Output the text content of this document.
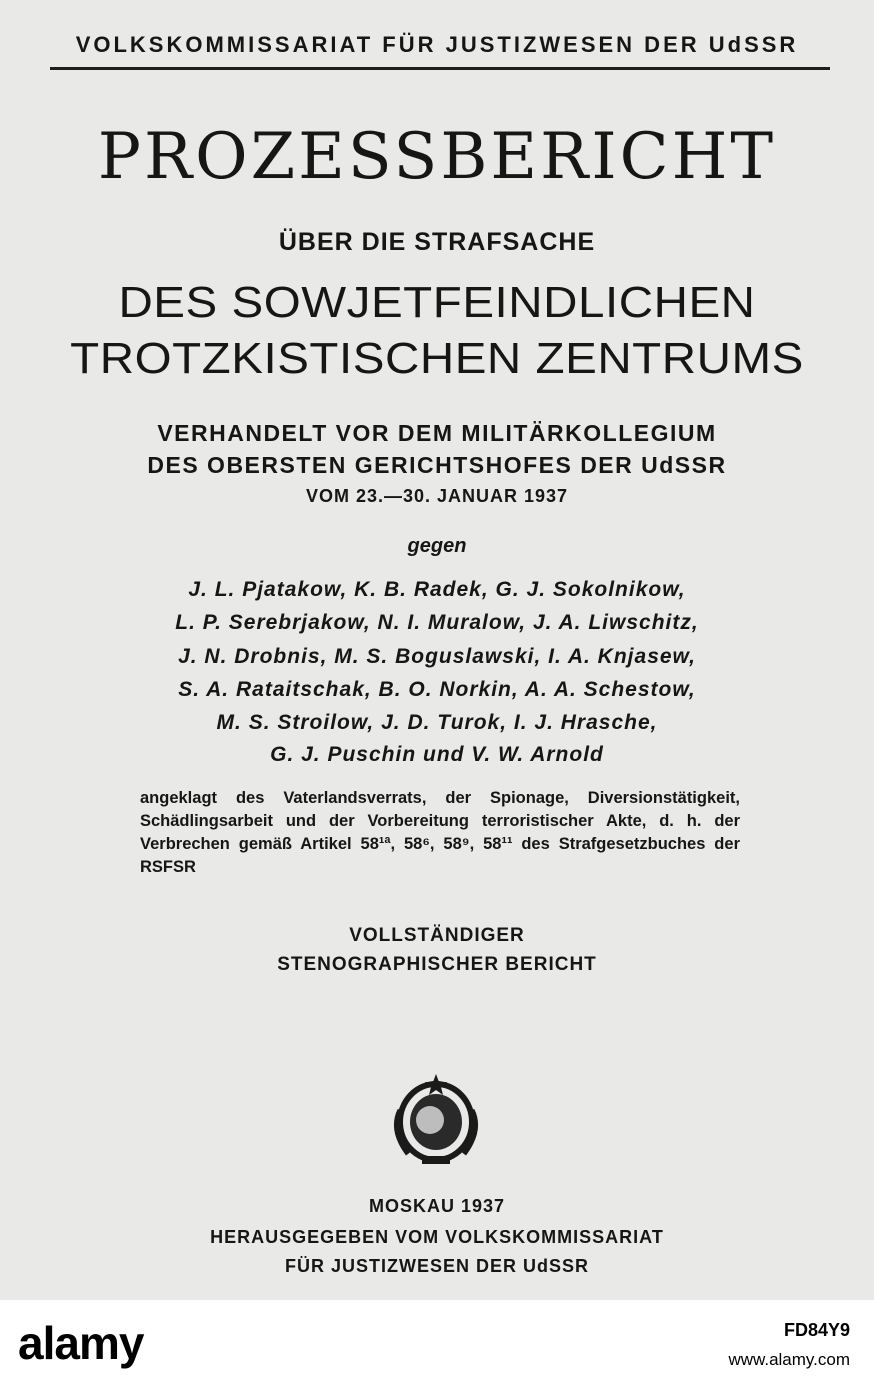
VOLKSKOMMISSARIAT FÜR JUSTIZWESEN DER UdSSR
PROZESSBERICHT
ÜBER DIE STRAFSACHE
DES SOWJETFEINDLICHEN
TROTZKISTISCHEN ZENTRUMS
VERHANDELT VOR DEM MILITÄRKOLLEGIUM
DES OBERSTEN GERICHTSHOFES DER UdSSR
VOM 23.—30. JANUAR 1937
gegen
J. L. Pjatakow, K. B. Radek, G. J. Sokolnikow,
L. P. Serebrjakow, N. I. Muralow, J. A. Liwschitz,
J. N. Drobnis, M. S. Boguslawski, I. A. Knjasew,
S. A. Rataitschak, B. O. Norkin, A. A. Schestow,
M. S. Stroilow, J. D. Turok, I. J. Hrasche,
G. J. Puschin und V. W. Arnold
angeklagt des Vaterlandsverrats, der Spionage, Diversionstätigkeit, Schädlingsarbeit und der Vorbereitung terroristischer Akte, d. h. der Verbrechen gemäß Artikel 58¹ª, 58⁶, 58⁹, 58¹¹ des Strafgesetzbuches der RSFSR
VOLLSTÄNDIGER
STENOGRAPHISCHER BERICHT
MOSKAU 1937
HERAUSGEGEBEN VOM VOLKSKOMMISSARIAT
FÜR JUSTIZWESEN DER UdSSR
alamy	FD84Y9
www.alamy.com
